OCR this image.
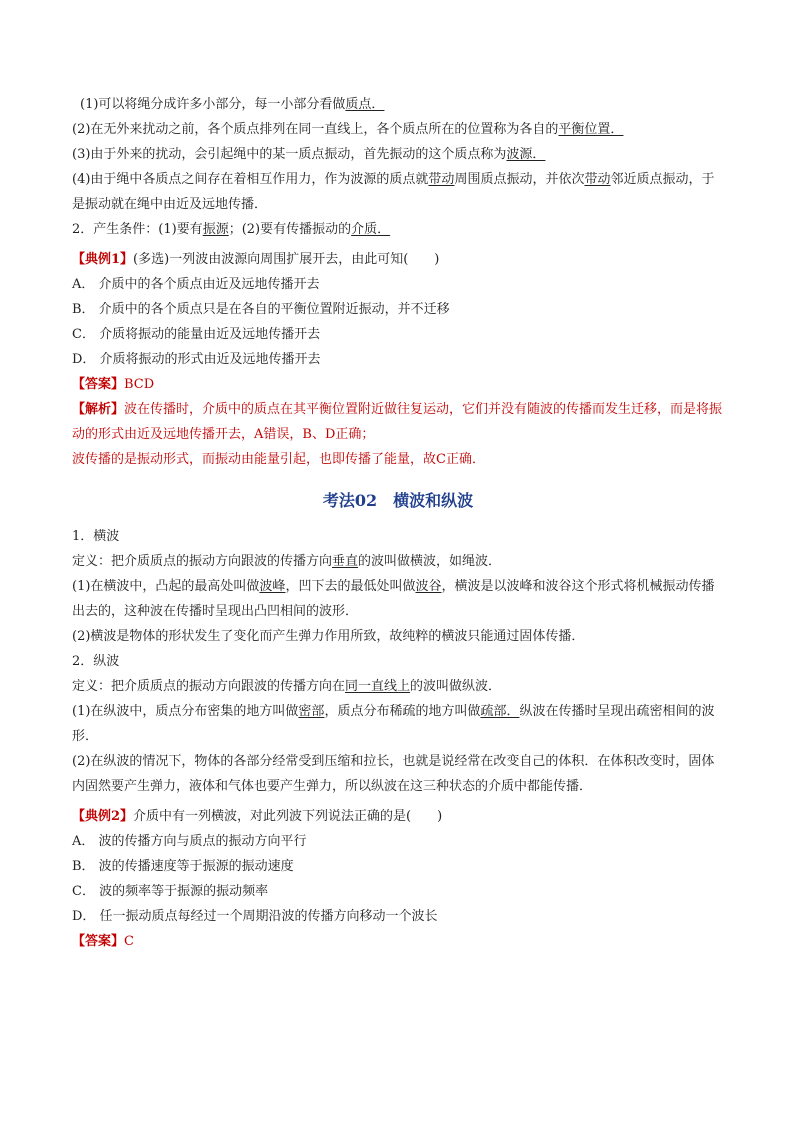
(1)可以将绳分成许多小部分，每一小部分看做质点．
(2)在无外来扰动之前，各个质点排列在同一直线上，各个质点所在的位置称为各自的平衡位置．
(3)由于外来的扰动，会引起绳中的某一质点振动，首先振动的这个质点称为波源．
(4)由于绳中各质点之间存在着相互作用力，作为波源的质点就带动周围质点振动，并依次带动邻近质点振动，于是振动就在绳中由近及远地传播．
2．产生条件：(1)要有振源；(2)要有传播振动的介质．
【典例1】(多选)一列波由波源向周围扩展开去，由此可知(　　)
A． 介质中的各个质点由近及远地传播开去
B． 介质中的各个质点只是在各自的平衡位置附近振动，并不迁移
C． 介质将振动的能量由近及远地传播开去
D． 介质将振动的形式由近及远地传播开去
【答案】BCD
【解析】波在传播时，介质中的质点在其平衡位置附近做往复运动，它们并没有随波的传播而发生迁移，而是将振动的形式由近及远地传播开去，A错误，B、D正确；
波传播的是振动形式，而振动由能量引起，也即传播了能量，故C正确．
考法02　横波和纵波
1．横波
定义：把介质质点的振动方向跟波的传播方向垂直的波叫做横波，如绳波．
(1)在横波中，凸起的最高处叫做波峰，凹下去的最低处叫做波谷，横波是以波峰和波谷这个形式将机械振动传播出去的，这种波在传播时呈现出凸凹相间的波形．
(2)横波是物体的形状发生了变化而产生弹力作用所致，故纯粹的横波只能通过固体传播．
2．纵波
定义：把介质质点的振动方向跟波的传播方向在同一直线上的波叫做纵波．
(1)在纵波中，质点分布密集的地方叫做密部，质点分布稀疏的地方叫做疏部．纵波在传播时呈现出疏密相间的波形．
(2)在纵波的情况下，物体的各部分经常受到压缩和拉长，也就是说经常在改变自己的体积．在体积改变时，固体内固然要产生弹力，液体和气体也要产生弹力，所以纵波在这三种状态的介质中都能传播．
【典例2】介质中有一列横波，对此列波下列说法正确的是(　　)
A． 波的传播方向与质点的振动方向平行
B． 波的传播速度等于振源的振动速度
C． 波的频率等于振源的振动频率
D． 任一振动质点每经过一个周期沿波的传播方向移动一个波长
【答案】C
